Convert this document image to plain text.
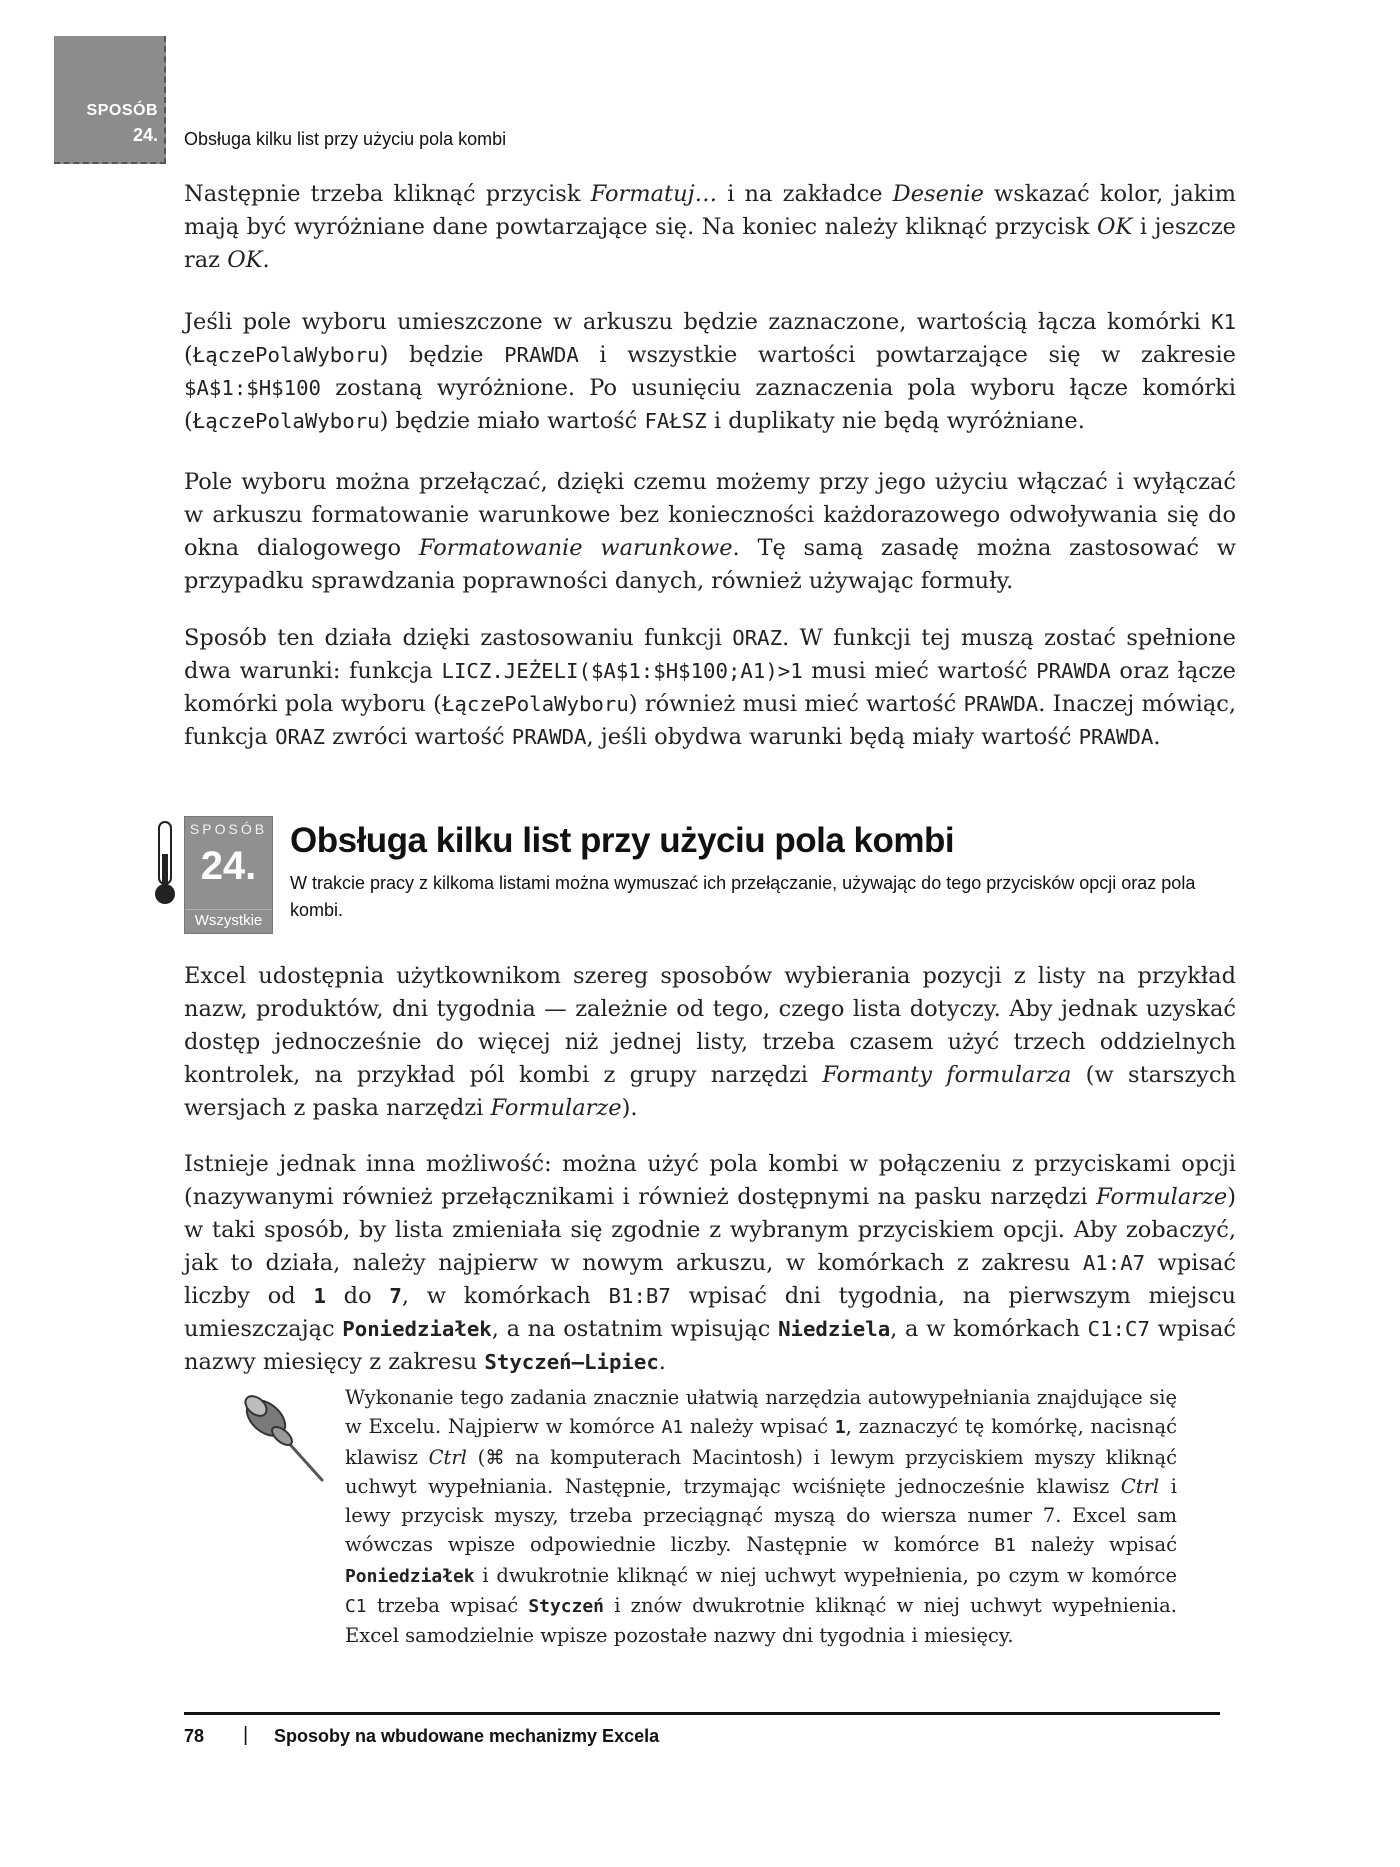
SPOSÓB
24. Obsługa kilku list przy użyciu pola kombi
Następnie trzeba kliknąć przycisk Formatuj… i na zakładce Desenie wskazać kolor, jakim mają być wyróżniane dane powtarzające się. Na koniec należy kliknąć przycisk OK i jeszcze raz OK.
Jeśli pole wyboru umieszczone w arkuszu będzie zaznaczone, wartością łącza komórki K1 (ŁączePolaWyboru) będzie PRAWDA i wszystkie wartości powtarzające się w zakresie $A$1:$H$100 zostaną wyróżnione. Po usunięciu zaznaczenia pola wyboru łącze komórki (ŁączePolaWyboru) będzie miało wartość FAŁSZ i duplikaty nie będą wyróżniane.
Pole wyboru można przełączać, dzięki czemu możemy przy jego użyciu włączać i wyłączać w arkuszu formatowanie warunkowe bez konieczności każdorazowego odwoływania się do okna dialogowego Formatowanie warunkowe. Tę samą zasadę można zastosować w przypadku sprawdzania poprawności danych, również używając formuły.
Sposób ten działa dzięki zastosowaniu funkcji ORAZ. W funkcji tej muszą zostać spełnione dwa warunki: funkcja LICZ.JEŻELI($A$1:$H$100;A1)>1 musi mieć wartość PRAWDA oraz łącze komórki pola wyboru (ŁączePolaWyboru) również musi mieć wartość PRAWDA. Inaczej mówiąc, funkcja ORAZ zwróci wartość PRAWDA, jeśli obydwa warunki będą miały wartość PRAWDA.
SPOSÓB
24.
Wszystkie
Obsługa kilku list przy użyciu pola kombi
W trakcie pracy z kilkoma listami można wymuszać ich przełączanie, używając do tego przycisków opcji oraz pola kombi.
Excel udostępnia użytkownikom szereg sposobów wybierania pozycji z listy na przykład nazw, produktów, dni tygodnia — zależnie od tego, czego lista dotyczy. Aby jednak uzyskać dostęp jednocześnie do więcej niż jednej listy, trzeba czasem użyć trzech oddzielnych kontrolek, na przykład pól kombi z grupy narzędzi Formanty formularza (w starszych wersjach z paska narzędzi Formularze).
Istnieje jednak inna możliwość: można użyć pola kombi w połączeniu z przyciskami opcji (nazywanymi również przełącznikami i również dostępnymi na pasku narzędzi Formularze) w taki sposób, by lista zmieniała się zgodnie z wybranym przyciskiem opcji. Aby zobaczyć, jak to działa, należy najpierw w nowym arkuszu, w komórkach z zakresu A1:A7 wpisać liczby od 1 do 7, w komórkach B1:B7 wpisać dni tygodnia, na pierwszym miejscu umieszczając Poniedziałek, a na ostatnim wpisując Niedziela, a w komórkach C1:C7 wpisać nazwy miesięcy z zakresu Styczeń–Lipiec.
Wykonanie tego zadania znacznie ułatwią narzędzia autowypełniania znajdujące się w Excelu. Najpierw w komórce A1 należy wpisać 1, zaznaczyć tę komórkę, nacisnąć klawisz Ctrl (⌘ na komputerach Macintosh) i lewym przyciskiem myszy kliknąć uchwyt wypełniania. Następnie, trzymając wciśnięte jednocześnie klawisz Ctrl i lewy przycisk myszy, trzeba przeciągnąć myszą do wiersza numer 7. Excel sam wówczas wpisze odpowiednie liczby. Następnie w komórce B1 należy wpisać Poniedziałek i dwukrotnie kliknąć w niej uchwyt wypełnienia, po czym w komórce C1 trzeba wpisać Styczeń i znów dwukrotnie kliknąć w niej uchwyt wypełnienia. Excel samodzielnie wpisze pozostałe nazwy dni tygodnia i miesięcy.
78 | Sposoby na wbudowane mechanizmy Excela
